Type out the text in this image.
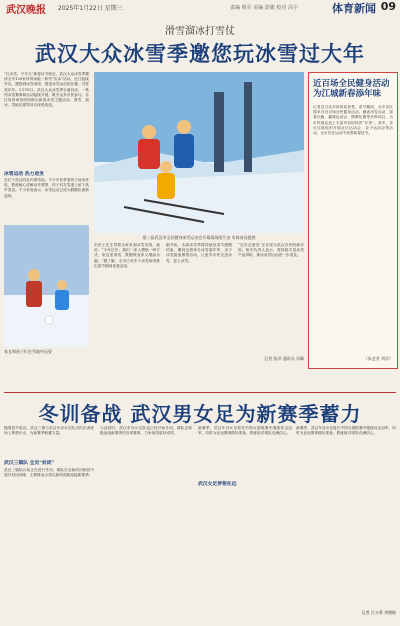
武汉晚报 2025年1月22日 星期三	责编 蔡军 美编 彭婕 校对 高宇	体育新闻 09
滑雪溜冰打雪仗
武汉大众冰雪季邀您玩冰雪过大年
“瓦冰雪，不冬天”新春佳节临近，武汉大众冰雪季邀请全市120家体育场地一系列“庆冰”活动，近日陆续开启，邀您到冰雪场馆，感受冰雪运动的乐趣，共度欢乐年。1月18日，武汉大众冰雪季全面启动，一系列冰雪赛事和活动陆续开展，吸引众多市民参与。各区体育场馆纷纷推出新春冰雪主题活动，滑雪、溜冰、雪地足球等项目深受欢迎。
冰雪运动 热力迸发
在位于武汉的室内滑雪场，不少市民带着孩子前来体验，教练耐心讲解动作要领，孩子们在雪道上留下欢声笑语。不少家庭表示，冰雪运动已成为假期出游新选择。
第三届武汉市全民健身冰雪运动会开幕现场图片由 市体育局提供
家长和孩子们在雪地中玩耍
市民王先生带着全家来到冰雪乐园，他说：“今年过年，我们一家人想换一种方式，来这里滑雪，既锻炼身体又增添乐趣。”据了解，全市已有多个冰雪场馆推出春节期间优惠活动。
据介绍，本届冰雪季将持续至春节假期结束，期间还将举办冰雪嘉年华、亲子冰雪挑战赛等活动，让更多市民走进冰雪、爱上冰雪。
“过年去滑雪”正在成为武汉市民的新年俗。相关负责人表示，将持续丰富冰雪产品供给，推动冰雪运动进一步普及。
记者 张洋 通讯员 吴峰
近百场全民健身活动为江城新春添年味
记者近日从市体育局获悉，春节期间，全市各区将举办近百场全民健身活动，涵盖冰雪运动、迎春长跑、趣味运动会、棋牌比赛等多种项目，为市民群众送上丰富多彩的体育“年货”。其中，各区还将组织开展社区运动会、亲子运动会等活动，让市民在运动中欢度新春佳节。
（朱芝芳 刘洋）
冬训备战 武汉男女足为新赛季蓄力
随着春节临近，武汉三镇与武汉车谷女足队员仍在训练场上挥洒汗水，为新赛季积蓄力量。
武汉三镇队 全员“封闭”
武汉三镇队目前正在进行冬训，球队在全新的训练营中展开封闭训练，主教练表示将以新的面貌迎接新赛季。
与此同时，武汉车谷女足队也已经开始冬训，球队正积极备战新赛季的各项赛事，力争取得更好成绩。
新赛季，武汉车谷女足将在中国女超联赛中继续冲击冠军，同时为亚冠赛事做好准备，教练组对球队充满信心。
武汉女足梦想在远
新赛季，武汉车谷女足将在中国女超联赛中继续冲击冠军，同时为亚冠赛事做好准备，教练组对球队充满信心。
记者 吕万勇 李德敏
